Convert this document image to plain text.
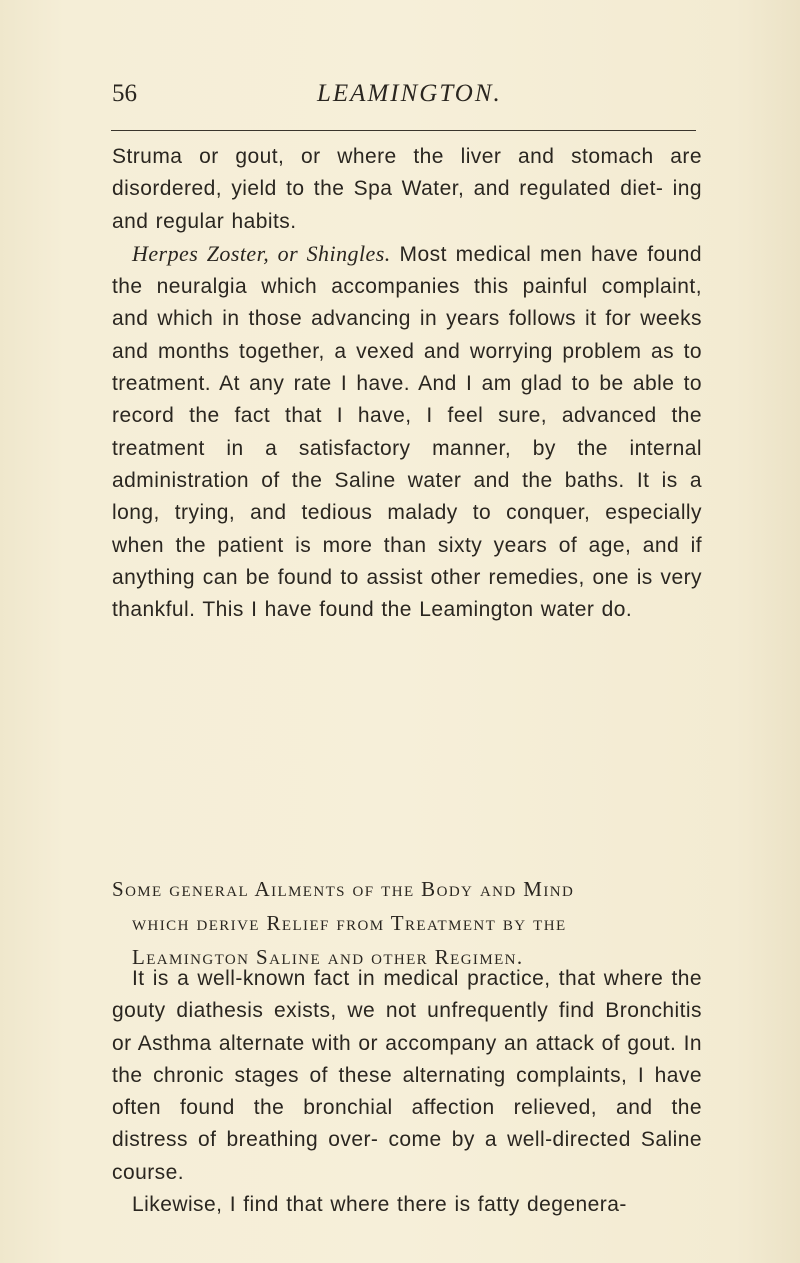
56	LEAMINGTON.

Struma or gout, or where the liver and stomach are disordered, yield to the Spa Water, and regulated diet- ing and regular habits.

Herpes Zoster, or Shingles. Most medical men have found the neuralgia which accompanies this painful complaint, and which in those advancing in years follows it for weeks and months together, a vexed and worrying problem as to treatment. At any rate I have. And I am glad to be able to record the fact that I have, I feel sure, advanced the treatment in a satisfactory manner, by the internal administration of the Saline water and the baths. It is a long, trying, and tedious malady to conquer, especially when the patient is more than sixty years of age, and if anything can be found to assist other remedies, one is very thankful. This I have found the Leamington water do.

Some general Ailments of the Body and Mind
which derive Relief from Treatment by the
Leamington Saline and other Regimen.

It is a well-known fact in medical practice, that where the gouty diathesis exists, we not unfrequently find Bronchitis or Asthma alternate with or accompany an attack of gout. In the chronic stages of these alternating complaints, I have often found the bronchial affection relieved, and the distress of breathing over- come by a well-directed Saline course.

Likewise, I find that where there is fatty degenera-
